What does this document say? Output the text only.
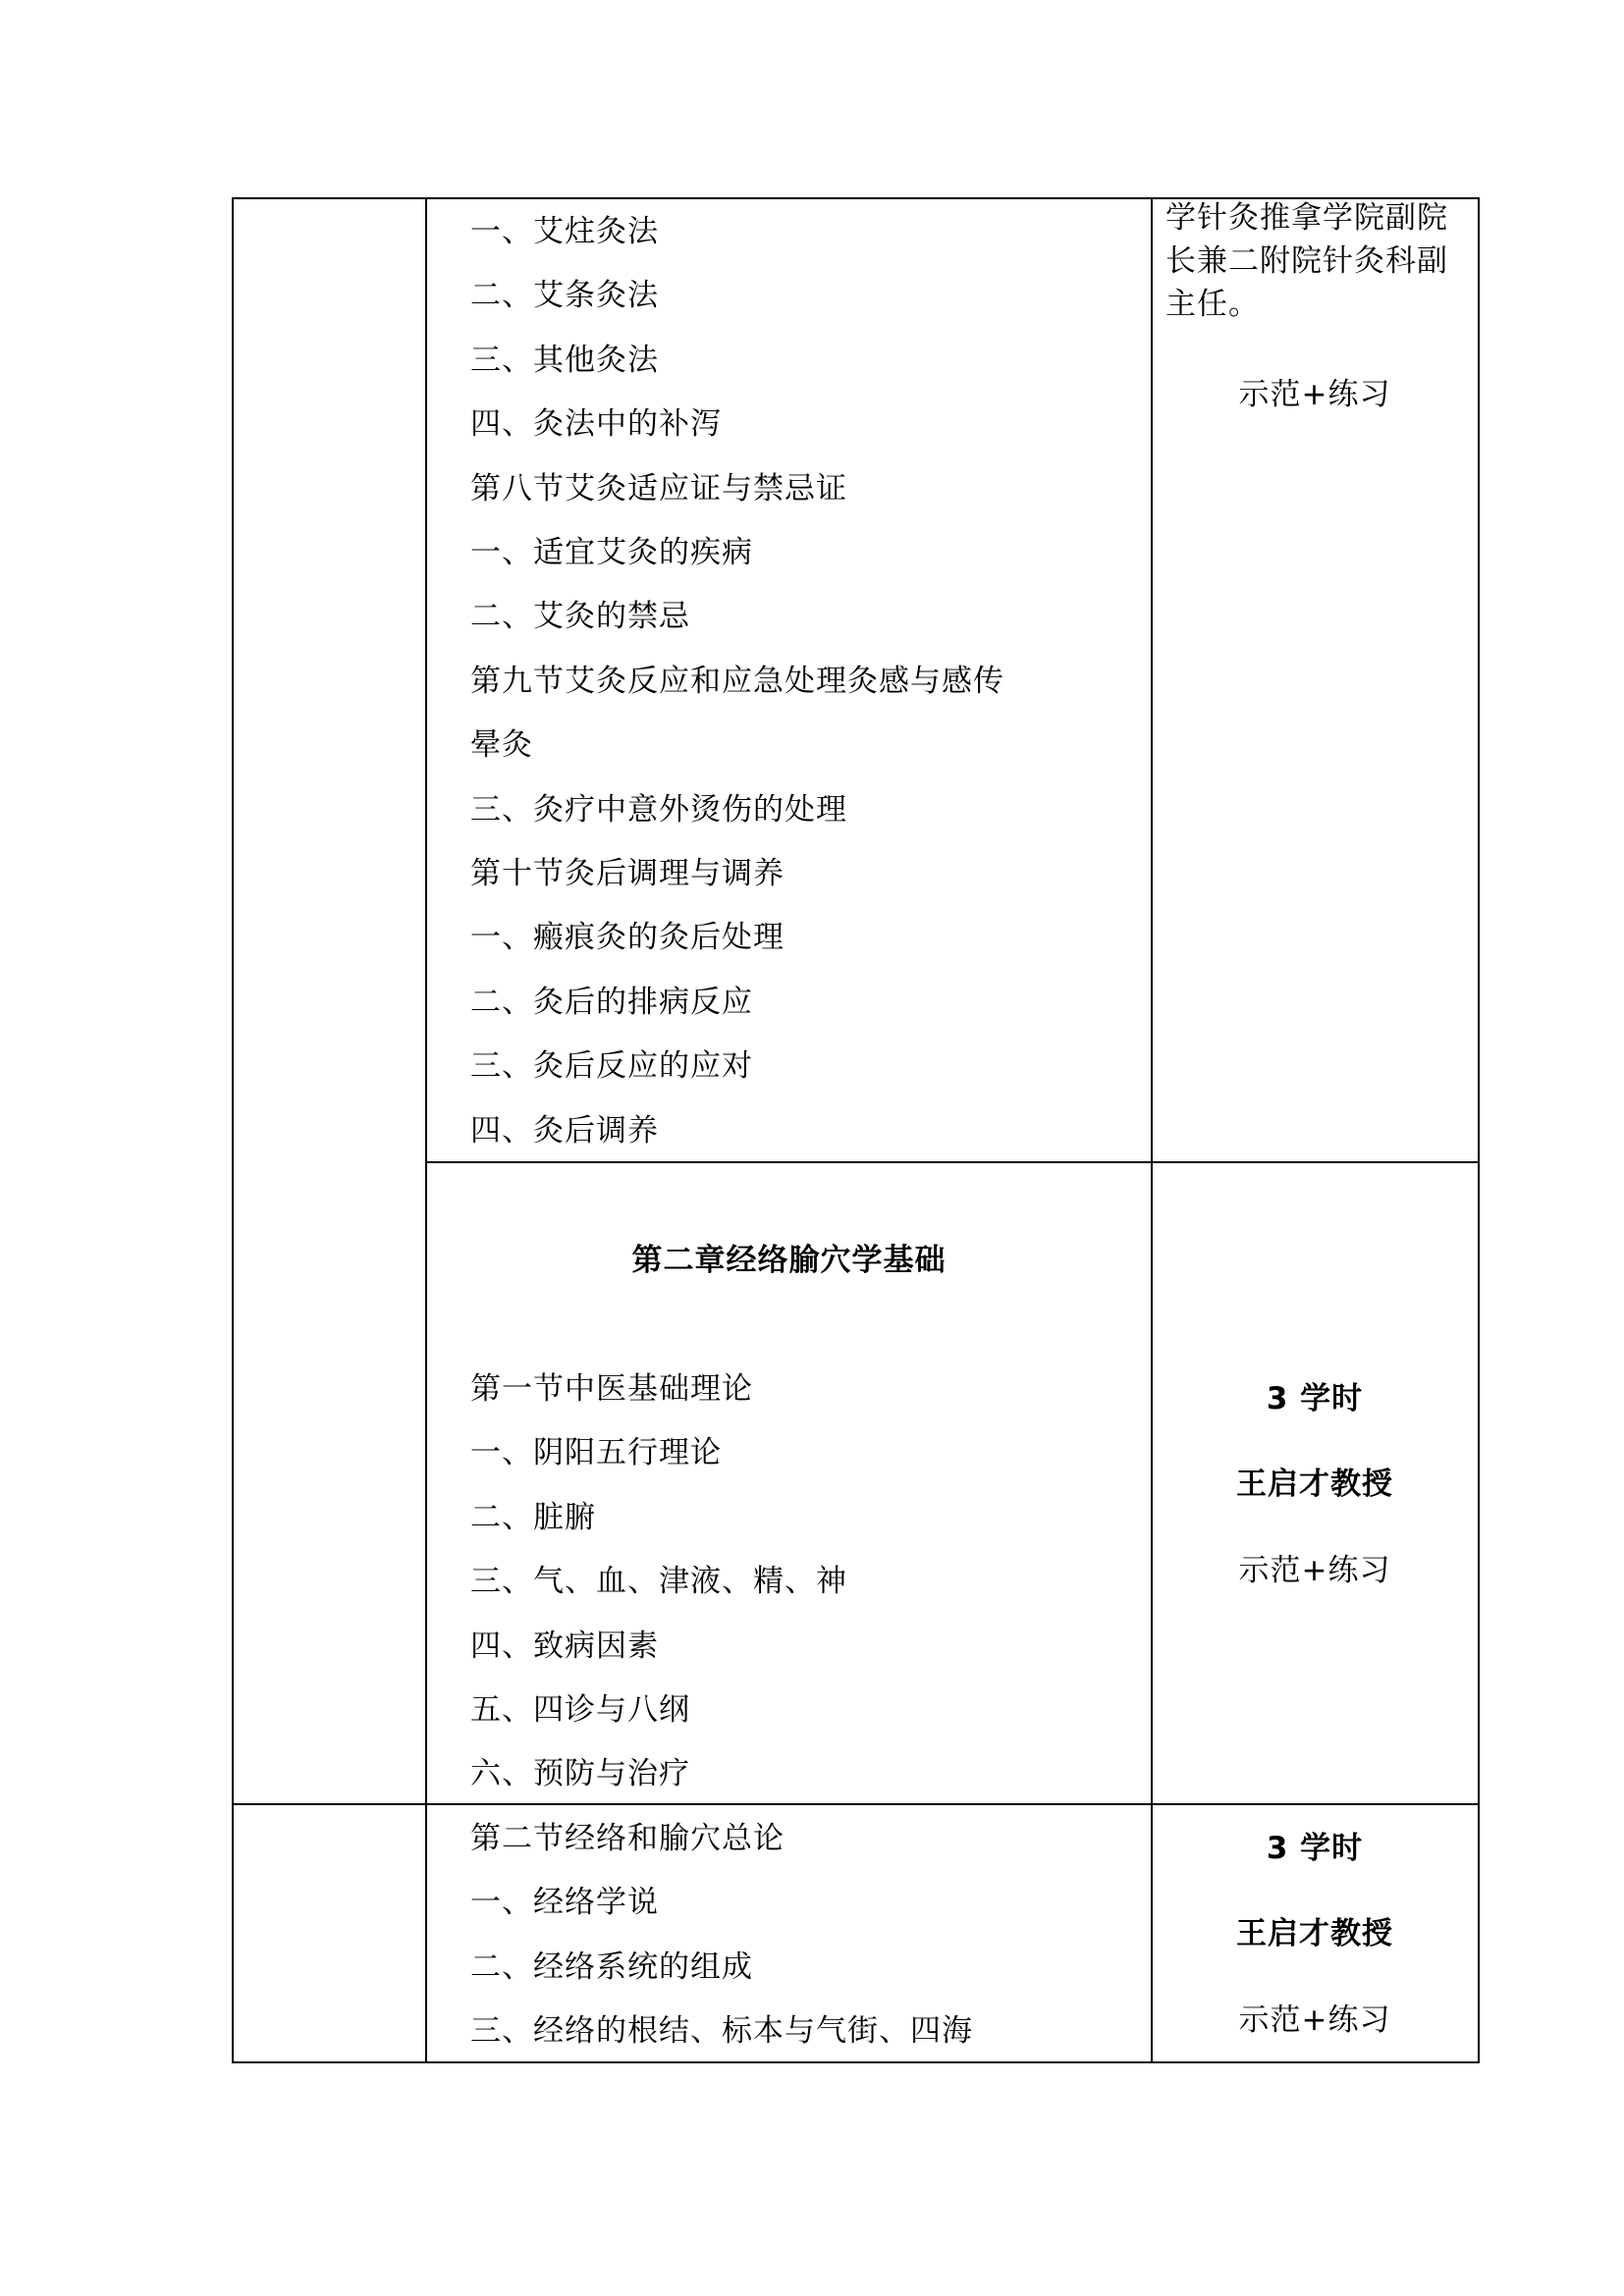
一、艾炷灸法
二、艾条灸法
三、其他灸法
四、灸法中的补泻
第八节艾灸适应证与禁忌证
一、适宜艾灸的疾病
二、艾灸的禁忌
第九节艾灸反应和应急处理灸感与感传
晕灸
三、灸疗中意外烫伤的处理
第十节灸后调理与调养
一、瘢痕灸的灸后处理
二、灸后的排病反应
三、灸后反应的应对
四、灸后调养
学针灸推拿学院副院长兼二附院针灸科副主任。
示范+练习
第二章经络腧穴学基础
第一节中医基础理论
一、阴阳五行理论
二、脏腑
三、气、血、津液、精、神
四、致病因素
五、四诊与八纲
六、预防与治疗
3 学时
王启才教授
示范+练习
第二节经络和腧穴总论
一、经络学说
二、经络系统的组成
三、经络的根结、标本与气街、四海
3 学时
王启才教授
示范+练习
